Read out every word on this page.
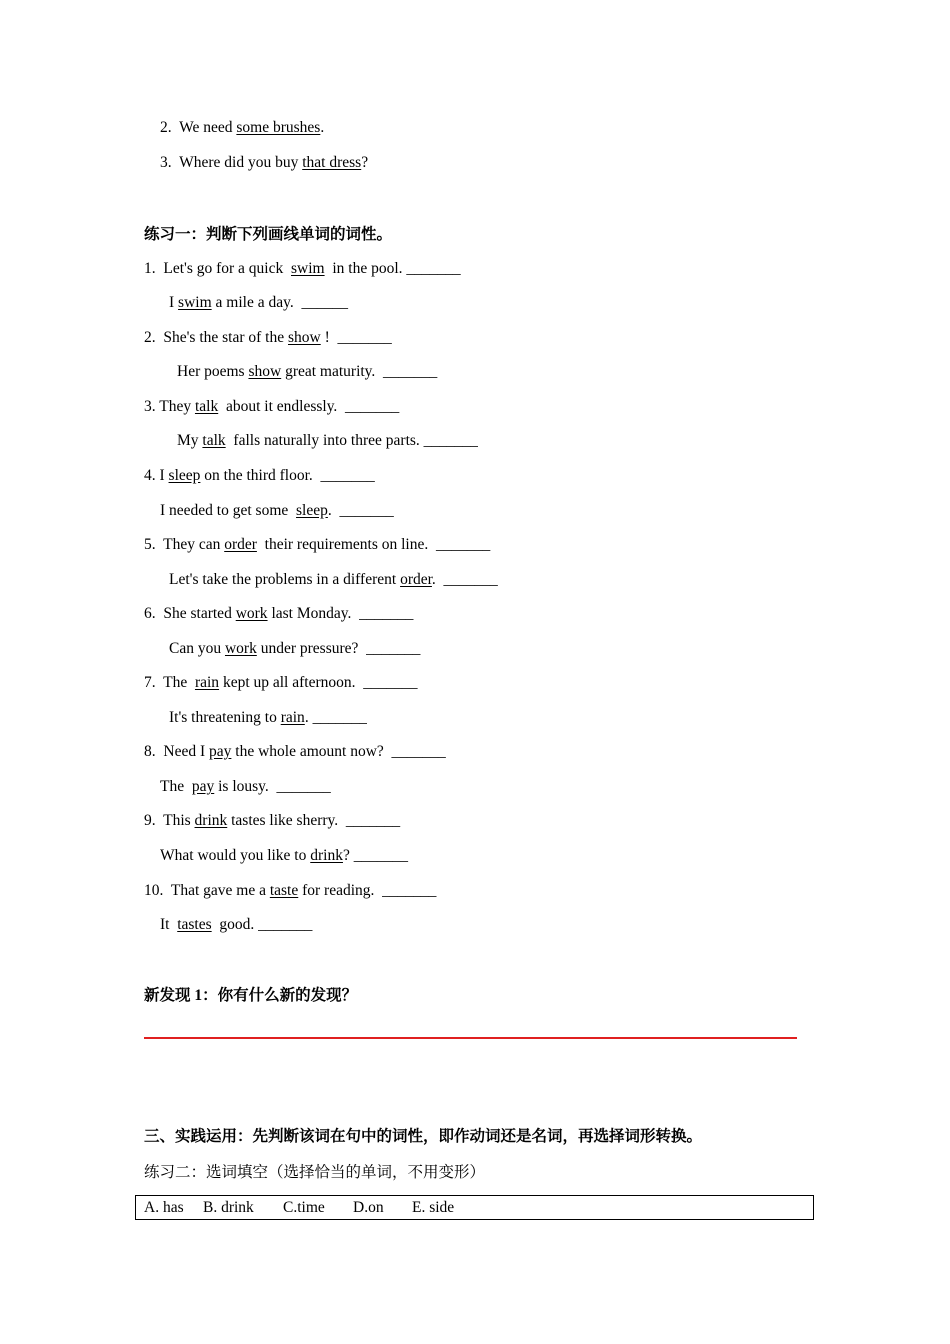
2. We need some brushes.
3. Where did you buy that dress?
练习一：判断下列画线单词的词性。
1.  Let's go for a quick  swim  in the pool. _______
I swim a mile a day.  ______
2.  She's the star of the show !  _______
Her poems show great maturity.  _______
3. They talk  about it endlessly.  _______
My talk  falls naturally into three parts. _______
4. I sleep on the third floor.  _______
I needed to get some  sleep.  _______
5.  They can order  their requirements on line.  _______
Let's take the problems in a different order.  _______
6.  She started work last Monday.  _______
Can you work under pressure?  _______
7.  The  rain kept up all afternoon.  _______
It's threatening to rain. _______
8.  Need I pay the whole amount now?  _______
The  pay is lousy.  _______
9.  This drink tastes like sherry.  _______
What would you like to drink? _______
10.  That gave me a taste for reading.  _______
It  tastes  good. _______
新发现 1：你有什么新的发现？
三、实践运用：先判断该词在句中的词性，即作动词还是名词，再选择词形转换。
练习二：选词填空（选择恰当的单词，不用变形）
A. has B. drink C.time D.on E. side
